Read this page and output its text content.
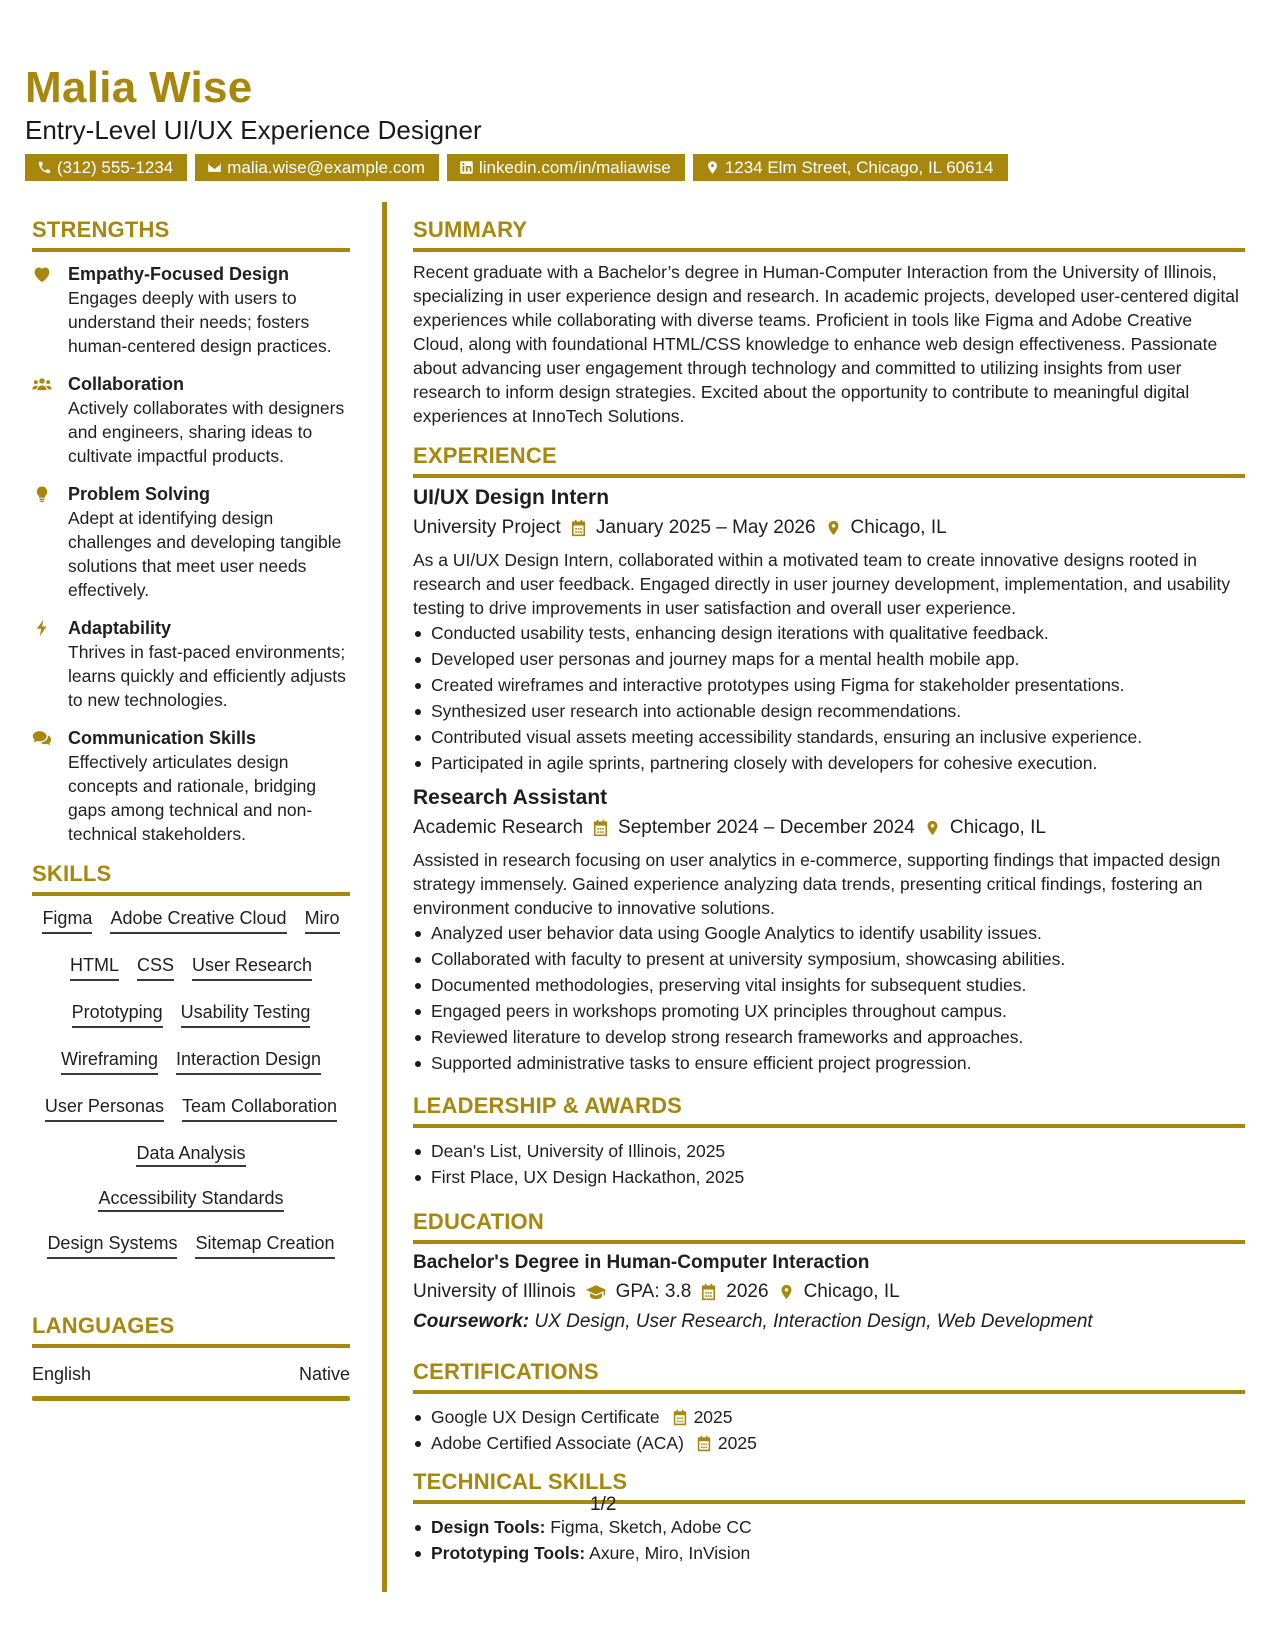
Malia Wise
Entry-Level UI/UX Experience Designer
(312) 555-1234	malia.wise@example.com	linkedin.com/in/maliawise	1234 Elm Street, Chicago, IL 60614
STRENGTHS
Empathy-Focused Design
Engages deeply with users to understand their needs; fosters human-centered design practices.
Collaboration
Actively collaborates with designers and engineers, sharing ideas to cultivate impactful products.
Problem Solving
Adept at identifying design challenges and developing tangible solutions that meet user needs effectively.
Adaptability
Thrives in fast-paced environments; learns quickly and efficiently adjusts to new technologies.
Communication Skills
Effectively articulates design concepts and rationale, bridging gaps among technical and non-technical stakeholders.
SKILLS
Figma Adobe Creative Cloud Miro
HTML CSS User Research
Prototyping Usability Testing
Wireframing Interaction Design
User Personas Team Collaboration
Data Analysis
Accessibility Standards
Design Systems Sitemap Creation
LANGUAGES
English	Native
SUMMARY
Recent graduate with a Bachelor’s degree in Human-Computer Interaction from the University of Illinois, specializing in user experience design and research. In academic projects, developed user-centered digital experiences while collaborating with diverse teams. Proficient in tools like Figma and Adobe Creative Cloud, along with foundational HTML/CSS knowledge to enhance web design effectiveness. Passionate about advancing user engagement through technology and committed to utilizing insights from user research to inform design strategies. Excited about the opportunity to contribute to meaningful digital experiences at InnoTech Solutions.
EXPERIENCE
UI/UX Design Intern
University Project January 2025 – May 2026 Chicago, IL
As a UI/UX Design Intern, collaborated within a motivated team to create innovative designs rooted in research and user feedback. Engaged directly in user journey development, implementation, and usability testing to drive improvements in user satisfaction and overall user experience.
Conducted usability tests, enhancing design iterations with qualitative feedback.
Developed user personas and journey maps for a mental health mobile app.
Created wireframes and interactive prototypes using Figma for stakeholder presentations.
Synthesized user research into actionable design recommendations.
Contributed visual assets meeting accessibility standards, ensuring an inclusive experience.
Participated in agile sprints, partnering closely with developers for cohesive execution.
Research Assistant
Academic Research September 2024 – December 2024 Chicago, IL
Assisted in research focusing on user analytics in e-commerce, supporting findings that impacted design strategy immensely. Gained experience analyzing data trends, presenting critical findings, fostering an environment conducive to innovative solutions.
Analyzed user behavior data using Google Analytics to identify usability issues.
Collaborated with faculty to present at university symposium, showcasing abilities.
Documented methodologies, preserving vital insights for subsequent studies.
Engaged peers in workshops promoting UX principles throughout campus.
Reviewed literature to develop strong research frameworks and approaches.
Supported administrative tasks to ensure efficient project progression.
LEADERSHIP & AWARDS
Dean's List, University of Illinois, 2025
First Place, UX Design Hackathon, 2025
EDUCATION
Bachelor's Degree in Human-Computer Interaction
University of Illinois GPA: 3.8 2026 Chicago, IL
Coursework: UX Design, User Research, Interaction Design, Web Development
CERTIFICATIONS
Google UX Design Certificate 2025
Adobe Certified Associate (ACA) 2025
TECHNICAL SKILLS
Design Tools: Figma, Sketch, Adobe CC
Prototyping Tools: Axure, Miro, InVision
1/2
